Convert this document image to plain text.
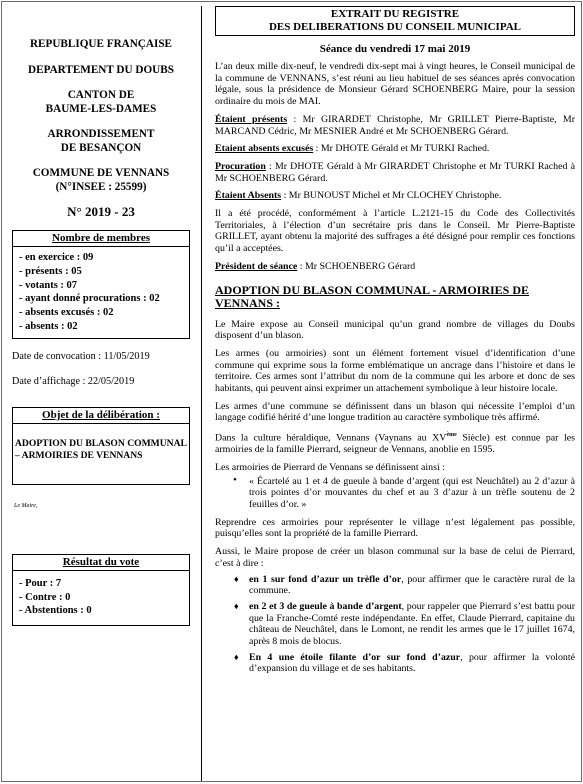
REPUBLIQUE FRANÇAISE
DEPARTEMENT DU DOUBS
CANTON DE
BAUME-LES-DAMES
ARRONDISSEMENT
DE BESANÇON
COMMUNE DE VENNANS
(N°INSEE : 25599)
N° 2019 - 23
Nombre de membres
- en exercice : 09
- présents : 05
- votants : 07
- ayant donné procurations : 02
- absents excusés : 02
- absents : 02
Date de convocation : 11/05/2019
Date d’affichage : 22/05/2019
Objet de la délibération :
ADOPTION DU BLASON COMMUNAL
– ARMOIRIES DE VENNANS
Le Maire,
Résultat du vote
- Pour : 7
- Contre : 0
- Abstentions : 0
EXTRAIT DU REGISTRE
DES DELIBERATIONS DU CONSEIL MUNICIPAL
Séance du vendredi 17 mai 2019

L’an deux mille dix-neuf, le vendredi dix-sept mai à vingt heures, le Conseil municipal de la commune de VENNANS, s’est réuni au lieu habituel de ses séances après convocation légale, sous la présidence de Monsieur Gérard SCHOENBERG Maire, pour la session ordinaire du mois de MAI.

Étaient présents : Mr GIRARDET Christophe, Mr GRILLET Pierre-Baptiste, Mr MARCAND Cédric, Mr MESNIER André et Mr SCHOENBERG Gérard.

Etaient absents excusés : Mr DHOTE Gérald et Mr TURKI Rached.

Procuration : Mr DHOTE Gérald à Mr GIRARDET Christophe et Mr TURKI Rached à Mr SCHOENBERG Gérard.

Étaient Absents : Mr BUNOUST Michel et Mr CLOCHEY Christophe.

Il a été procédé, conformément à l’article L.2121-15 du Code des Collectivités Territoriales, à l’élection d’un secrétaire pris dans le Conseil. Mr Pierre-Baptiste GRILLET, ayant obtenu la majorité des suffrages a été désigné pour remplir ces fonctions qu’il a acceptées.

Président de séance : Mr SCHOENBERG Gérard

ADOPTION DU BLASON COMMUNAL - ARMOIRIES DE VENNANS :

Le Maire expose au Conseil municipal qu’un grand nombre de villages du Doubs disposent d’un blason.

Les armes (ou armoiries) sont un élément fortement visuel d’identification d’une commune qui exprime sous la forme emblématique un ancrage dans l’histoire et dans le territoire. Ces armes sont l’attribut du nom de la commune qui les arbore et donc de ses habitants, qui peuvent ainsi exprimer un attachement symbolique à leur histoire locale.

Les armes d’une commune se définissent dans un blason qui nécessite l’emploi d’un langage codifié hérité d’une longue tradition au caractère symbolique très affirmé.

Dans la culture héraldique, Vennans (Vaynans au XVème Siècle) est connue par les armoiries de la famille Pierrard, seigneur de Vennans, anoblie en 1595.

Les armoiries de Pierrard de Vennans se définissent ainsi :

• « Écartelé au 1 et 4 de gueule à bande d’argent (qui est Neuchâtel) au 2 d’azur à trois pointes d’or mouvantes du chef et au 3 d’azur à un trèfle soutenu de 2 feuilles d’or. »

Reprendre ces armoiries pour représenter le village n’est légalement pas possible, puisqu’elles sont la propriété de la famille Pierrard.

Aussi, le Maire propose de créer un blason communal sur la base de celui de Pierrard, c’est à dire :

♦ en 1 sur fond d’azur un trèfle d’or, pour affirmer que le caractère rural de la commune.
♦ en 2 et 3 de gueule à bande d’argent, pour rappeler que Pierrard s’est battu pour que la Franche-Comté reste indépendante. En effet, Claude Pierrard, capitaine du château de Neuchâtel, dans le Lomont, ne rendit les armes que le 17 juillet 1674, après 8 mois de blocus.
♦ En 4 une étoile filante d’or sur fond d’azur, pour affirmer la volonté d’expansion du village et de ses habitants.
